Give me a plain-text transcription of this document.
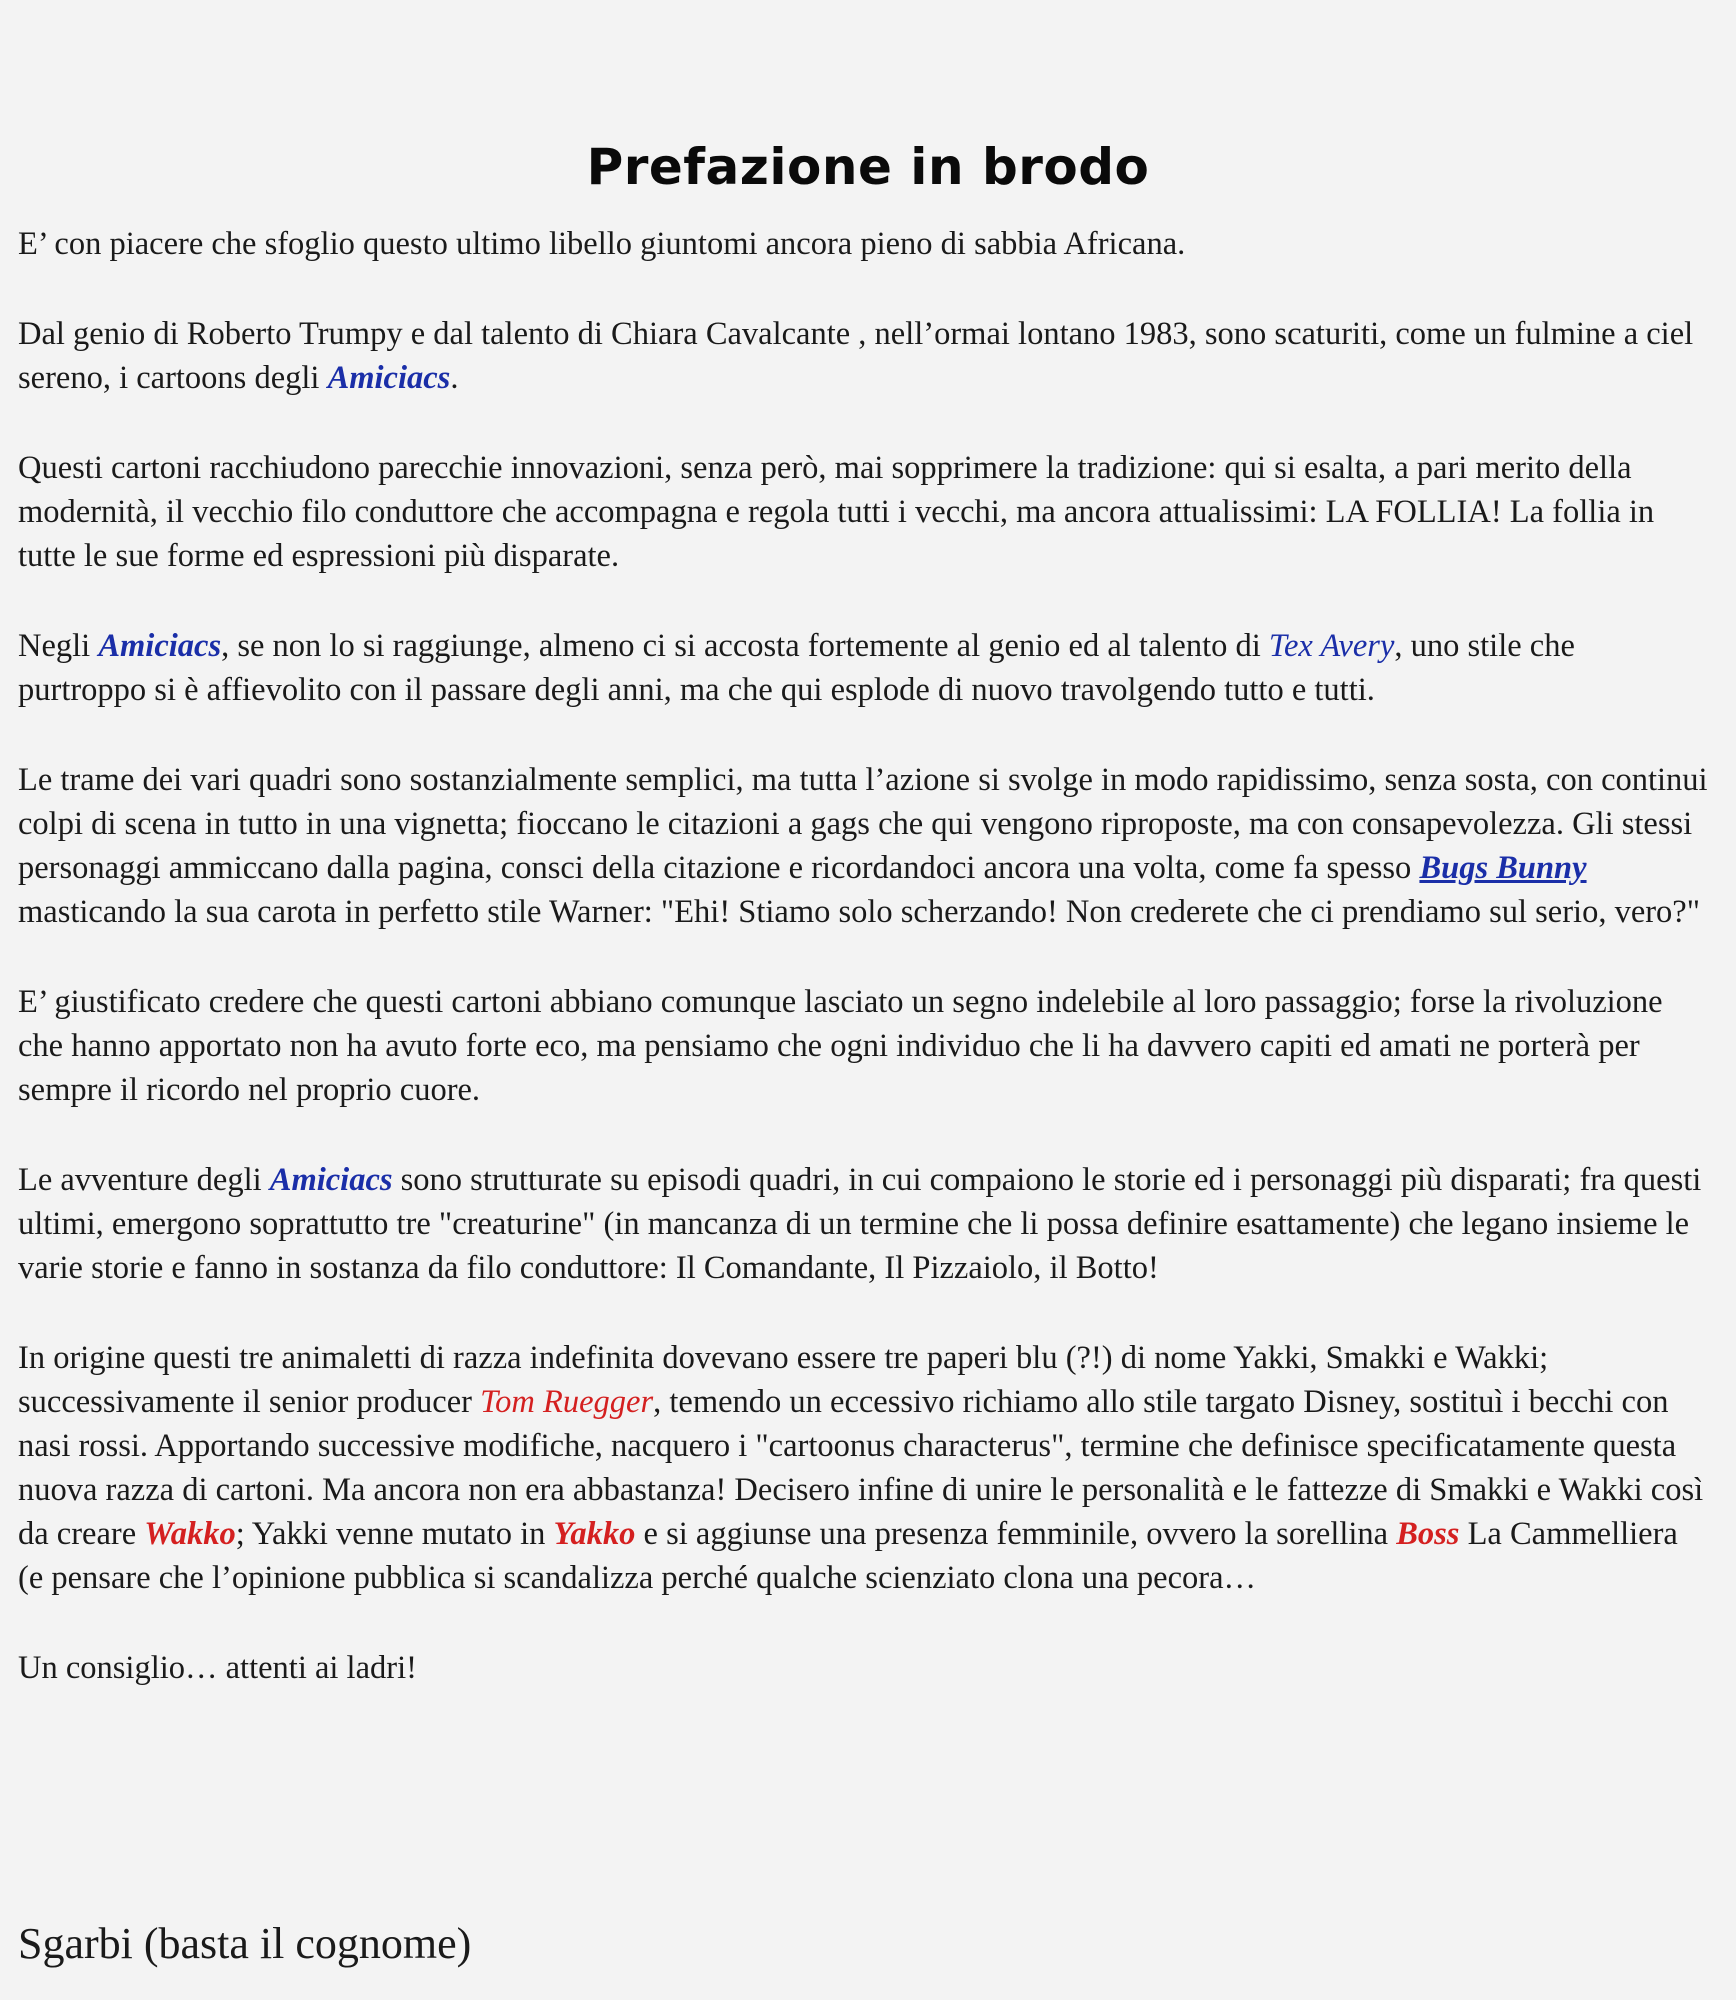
Prefazione in brodo

E’ con piacere che sfoglio questo ultimo libello giuntomi ancora pieno di sabbia Africana.

Dal genio di Roberto Trumpy e dal talento di Chiara Cavalcante , nell’ormai lontano 1983, sono scaturiti, come un fulmine a ciel sereno, i cartoons degli Amiciacs.

Questi cartoni racchiudono parecchie innovazioni, senza però, mai sopprimere la tradizione: qui si esalta, a pari merito della modernità, il vecchio filo conduttore che accompagna e regola tutti i vecchi, ma ancora attualissimi: LA FOLLIA! La follia in tutte le sue forme ed espressioni più disparate.

Negli Amiciacs, se non lo si raggiunge, almeno ci si accosta fortemente al genio ed al talento di Tex Avery, uno stile che purtroppo si è affievolito con il passare degli anni, ma che qui esplode di nuovo travolgendo tutto e tutti.

Le trame dei vari quadri sono sostanzialmente semplici, ma tutta l’azione si svolge in modo rapidissimo, senza sosta, con continui colpi di scena in tutto in una vignetta; fioccano le citazioni a gags che qui vengono riproposte, ma con consapevolezza. Gli stessi personaggi ammiccano dalla pagina, consci della citazione e ricordandoci ancora una volta, come fa spesso Bugs Bunny masticando la sua carota in perfetto stile Warner: "Ehi! Stiamo solo scherzando! Non crederete che ci prendiamo sul serio, vero?"

E’ giustificato credere che questi cartoni abbiano comunque lasciato un segno indelebile al loro passaggio; forse la rivoluzione che hanno apportato non ha avuto forte eco, ma pensiamo che ogni individuo che li ha davvero capiti ed amati ne porterà per sempre il ricordo nel proprio cuore.

Le avventure degli Amiciacs sono strutturate su episodi quadri, in cui compaiono le storie ed i personaggi più disparati; fra questi ultimi, emergono soprattutto tre "creaturine" (in mancanza di un termine che li possa definire esattamente) che legano insieme le varie storie e fanno in sostanza da filo conduttore: Il Comandante, Il Pizzaiolo, il Botto!

In origine questi tre animaletti di razza indefinita dovevano essere tre paperi blu (?!) di nome Yakki, Smakki e Wakki; successivamente il senior producer Tom Ruegger, temendo un eccessivo richiamo allo stile targato Disney, sostituì i becchi con nasi rossi. Apportando successive modifiche, nacquero i "cartoonus characterus", termine che definisce specificatamente questa nuova razza di cartoni. Ma ancora non era abbastanza! Decisero infine di unire le personalità e le fattezze di Smakki e Wakki così da creare Wakko; Yakki venne mutato in Yakko e si aggiunse una presenza femminile, ovvero la sorellina Boss La Cammelliera (e pensare che l’opinione pubblica si scandalizza perché qualche scienziato clona una pecora…

Un consiglio… attenti ai ladri!

Sgarbi (basta il cognome)
